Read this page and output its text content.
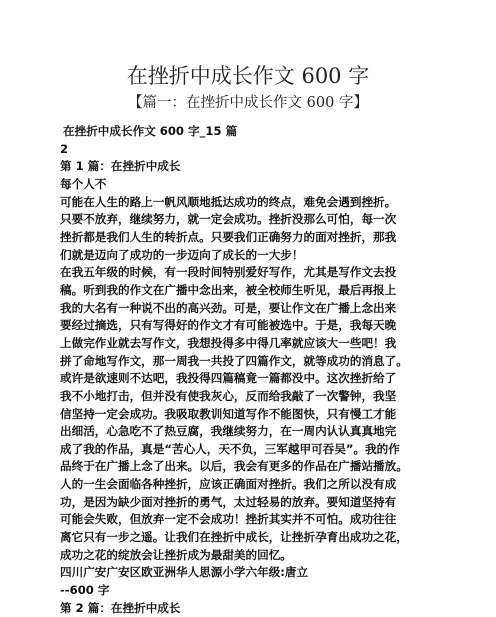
在挫折中成长作文 600 字
【篇一：在挫折中成长作文 600 字】
在挫折中成长作文 600 字_15 篇
2
第 1 篇：在挫折中成长
每个人不
可能在人生的路上一帆风顺地抵达成功的终点，难免会遇到挫折。
只要不放弃，继续努力，就一定会成功。挫折没那么可怕，每一次
挫折都是我们人生的转折点。只要我们正确努力的面对挫折，那我
们就是迈向了成功的一步迈向了成长的一大步！
在我五年级的时候，有一段时间特别爱好写作，尤其是写作文去投
稿。听到我的作文在广播中念出来，被全校师生听见，最后再报上
我的大名有一种说不出的高兴劲。可是，要让作文在广播上念出来
要经过摘选，只有写得好的作文才有可能被选中。于是，我每天晚
上做完作业就去写作文，我想投得多中得几率就应该大一些吧！我
拼了命地写作文，那一周我一共投了四篇作文，就等成功的消息了。
或许是欲速则不达吧，我投得四篇稿竟一篇都没中。这次挫折给了
我不小地打击，但并没有使我灰心，反而给我敲了一次警钟，我坚
信坚持一定会成功。我吸取教训知道写作不能图快，只有慢工才能
出细活，心急吃不了热豆腐，我继续努力，在一周内认认真真地完
成了我的作品，真是“苦心人，天不负，三军越甲可吞吴”。我的作
品终于在广播上念了出来。以后，我会有更多的作品在广播站播放。
人的一生会面临各种挫折，应该正确面对挫折。我们之所以没有成
功，是因为缺少面对挫折的勇气，太过轻易的放弃。要知道坚持有
可能会失败，但放弃一定不会成功！挫折其实并不可怕。成功往往
离它只有一步之遥。让我们在挫折中成长，让挫折孕育出成功之花，
成功之花的绽放会让挫折成为最甜美的回忆。
四川广安广安区欧亚洲华人思源小学六年级:唐立
--600 字
第 2 篇：在挫折中成长
